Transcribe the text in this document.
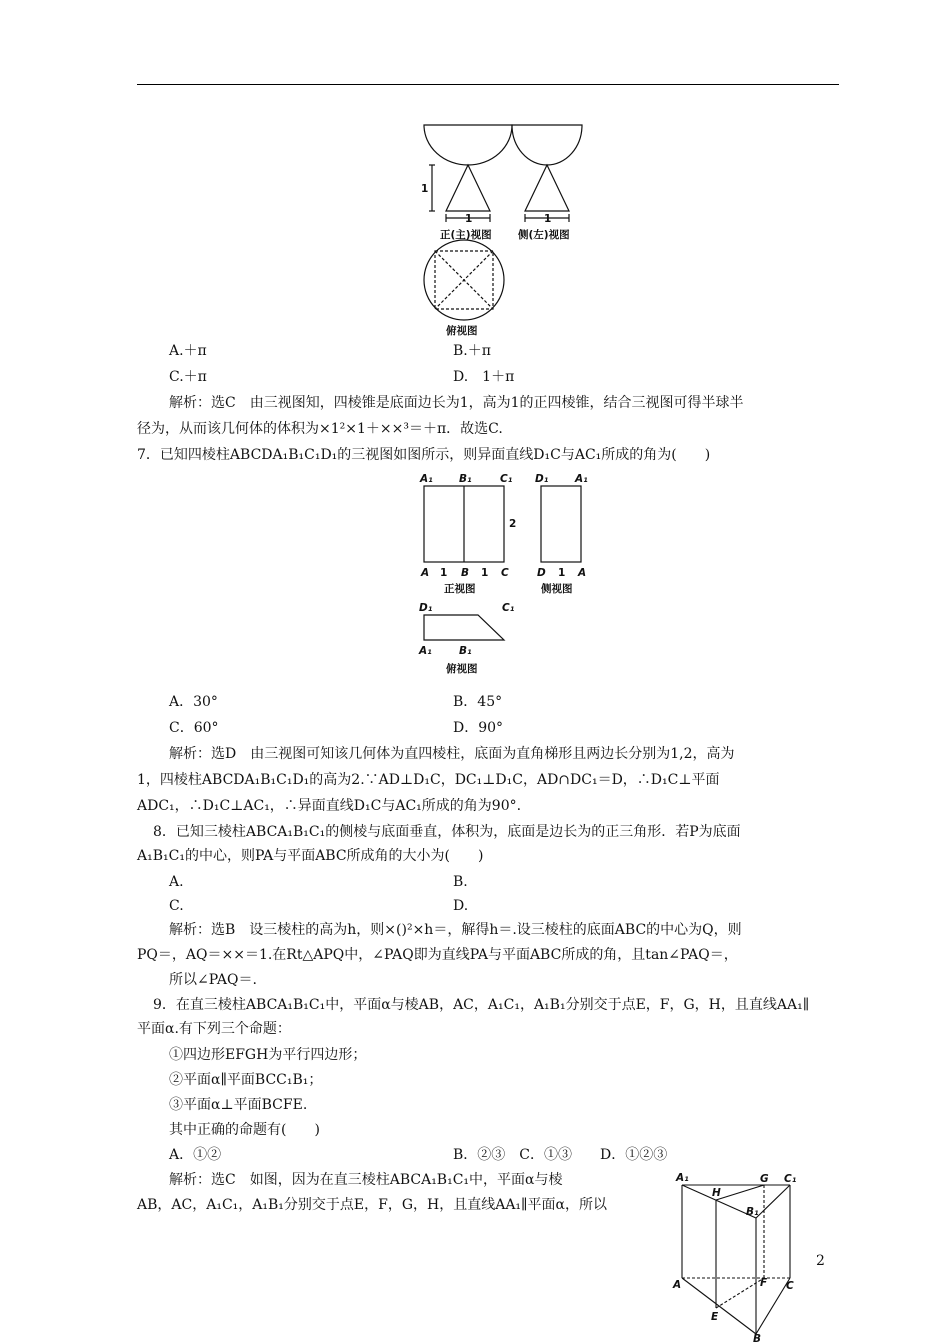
1
1	1
正(主)视图	侧(左)视图
俯视图
A.＋π	B.＋π
C.＋π	D.　1＋π
解析：选C　由三视图知，四棱锥是底面边长为1，高为1的正四棱锥，结合三视图可得半球半
径为，从而该几何体的体积为×1²×1＋××³＝＋π．故选C.
7．已知四棱柱ABCDA₁B₁C₁D₁的三视图如图所示，则异面直线D₁C与AC₁所成的角为(　　)
A₁	B₁	C₁
2
A 1 B 1 C
D₁	A₁
D 1 A
正视图	侧视图
D₁	C₁
A₁	B₁
俯视图
A．30°	B．45°
C．60°	D．90°
解析：选D　由三视图可知该几何体为直四棱柱，底面为直角梯形且两边长分别为1,2，高为
1，四棱柱ABCDA₁B₁C₁D₁的高为2.∵AD⊥D₁C，DC₁⊥D₁C，AD∩DC₁＝D，∴D₁C⊥平面
ADC₁，∴D₁C⊥AC₁，∴异面直线D₁C与AC₁所成的角为90°.
8．已知三棱柱ABCA₁B₁C₁的侧棱与底面垂直，体积为，底面是边长为的正三角形．若P为底面
A₁B₁C₁的中心，则PA与平面ABC所成角的大小为(　　)
A.	B.
C.	D.
解析：选B　设三棱柱的高为h，则×()²×h＝，解得h＝.设三棱柱的底面ABC的中心为Q，则
PQ＝，AQ＝××＝1.在Rt△APQ中，∠PAQ即为直线PA与平面ABC所成的角，且tan∠PAQ＝，
所以∠PAQ＝.
9．在直三棱柱ABCA₁B₁C₁中，平面α与棱AB，AC，A₁C₁，A₁B₁分别交于点E，F，G，H，且直线AA₁∥
平面α.有下列三个命题：
①四边形EFGH为平行四边形；
②平面α∥平面BCC₁B₁；
③平面α⊥平面BCFE.
其中正确的命题有(　　)
A．①②	B．②③　C．①③　　D．①②③
解析：选C　如图，因为在直三棱柱ABCA₁B₁C₁中，平面α与棱
AB，AC，A₁C₁，A₁B₁分别交于点E，F，G，H，且直线AA₁∥平面α，所以
A₁
H
G C₁
B₁
A	F C
E
B
2
